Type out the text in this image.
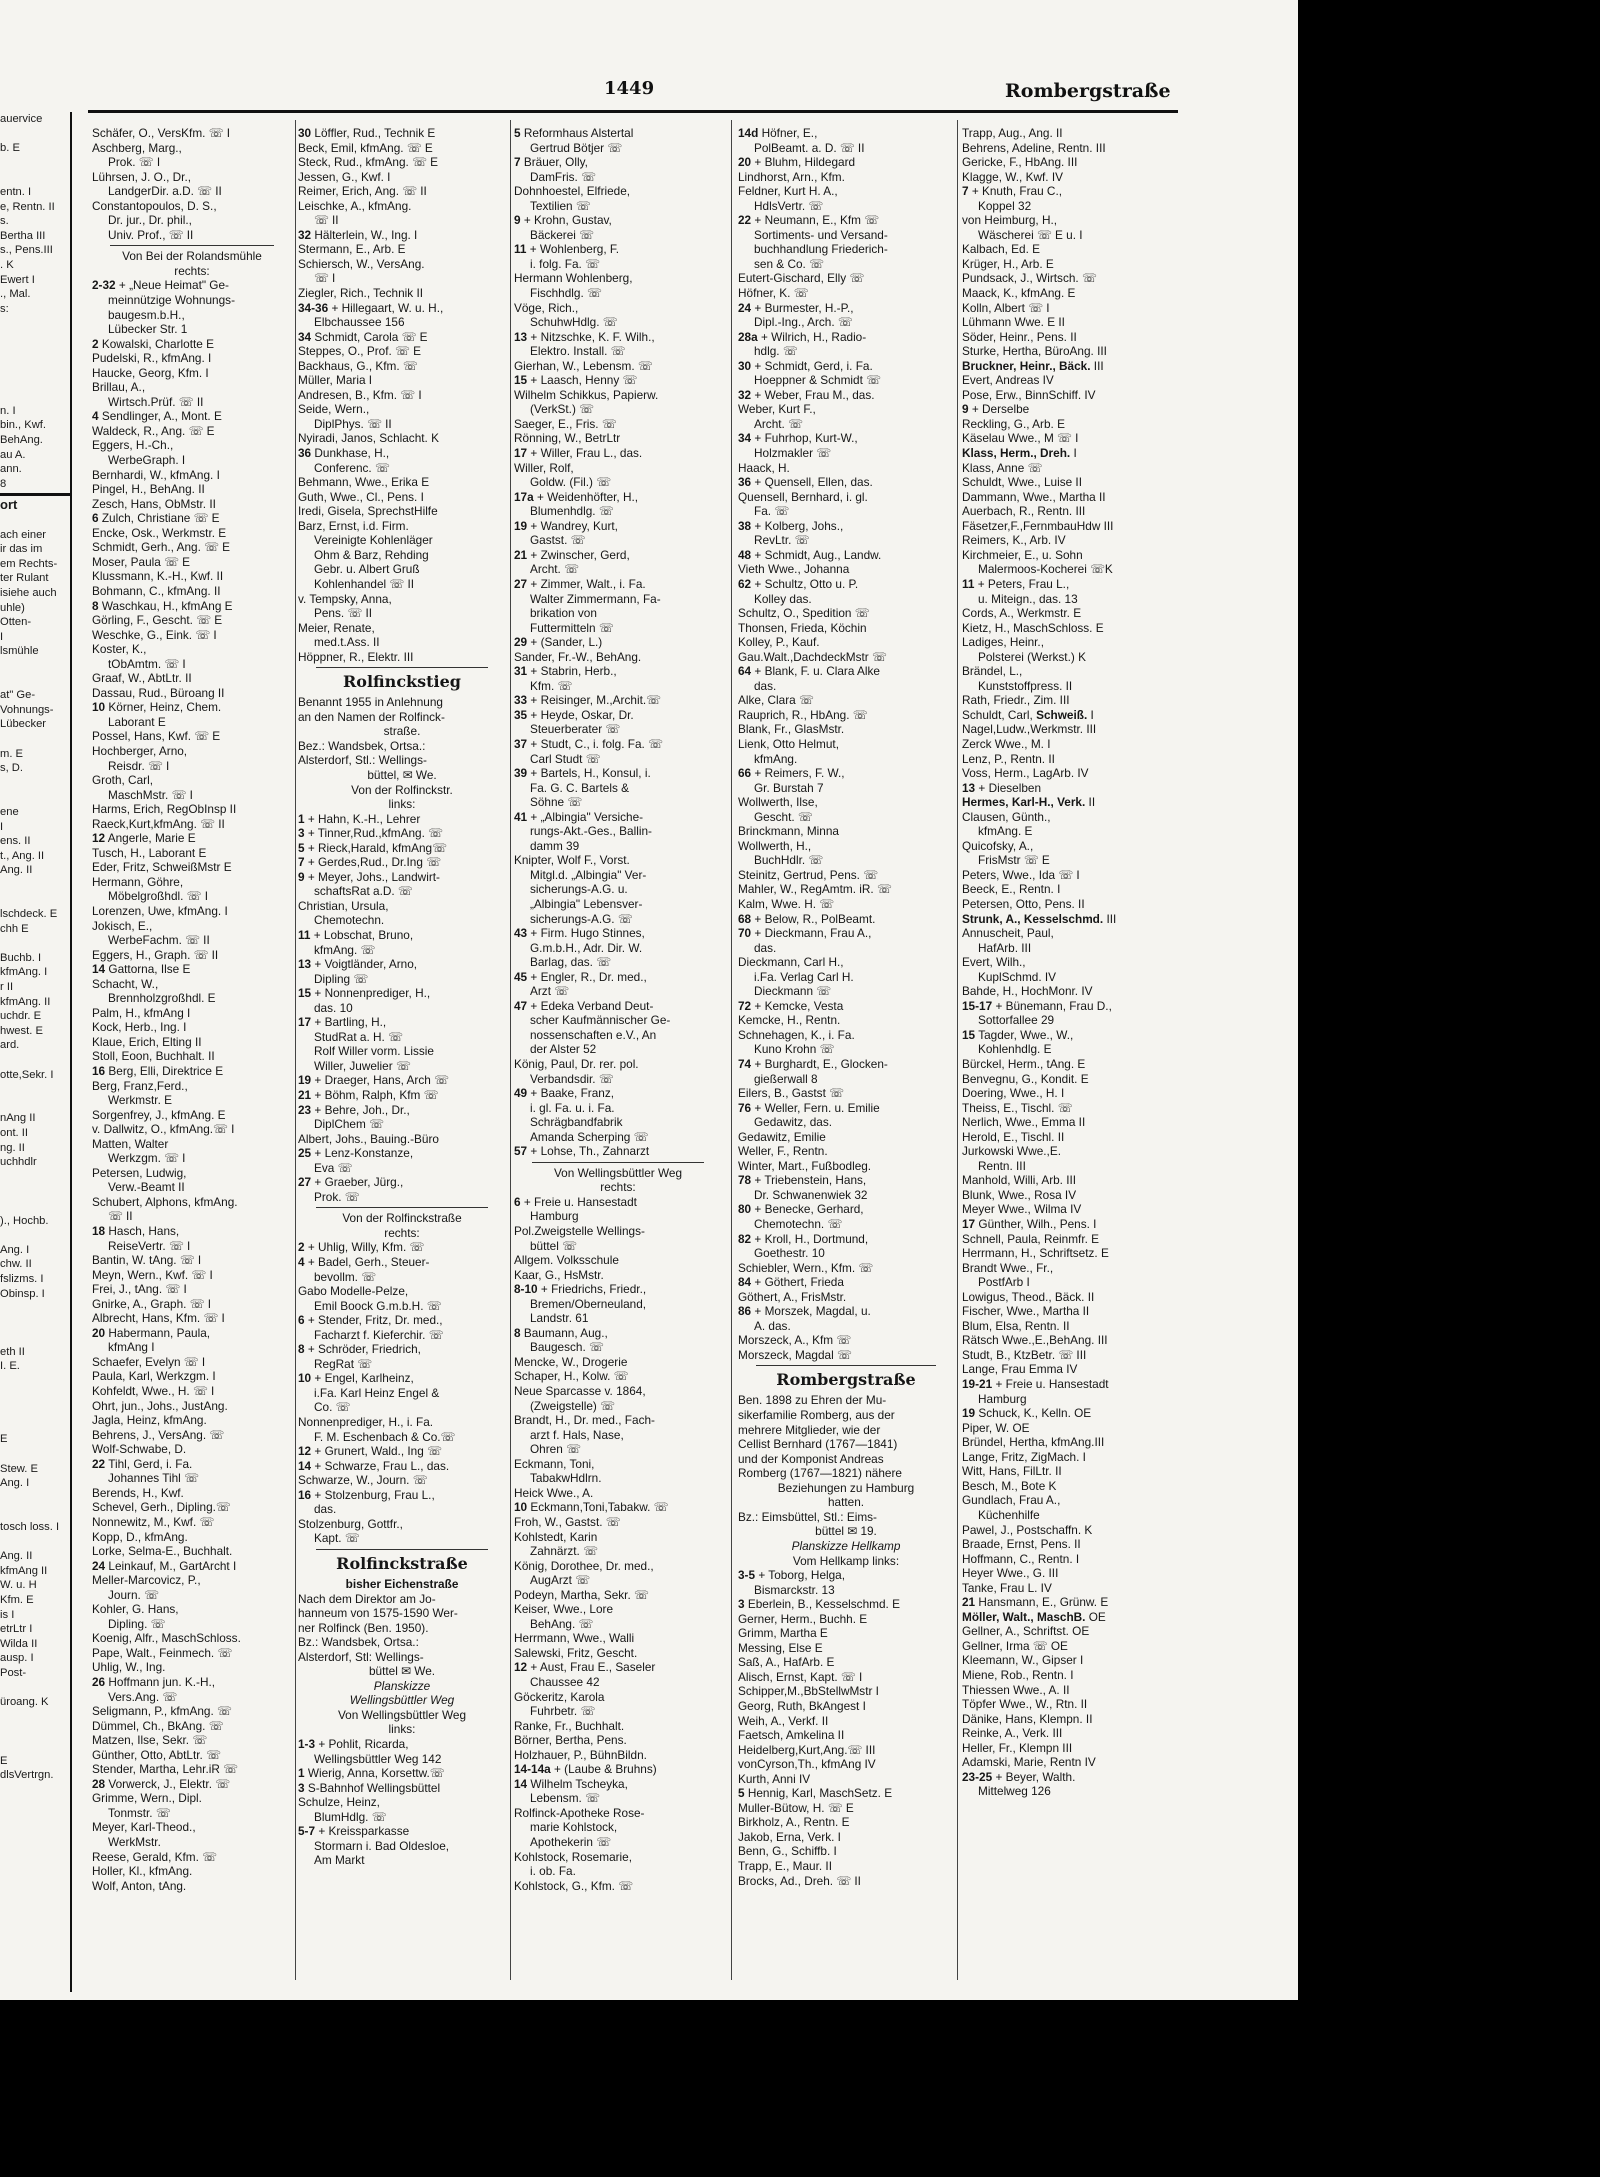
1449	Rombergstraße
auervice
b. E
entn. I
e, Rentn. II
s.
Bertha III
s., Pens.III
. K
Ewert I
., Mal.
s:
n. I
bin., Kwf.
BehAng.
au A.
ann.
8
ort
ach einer
ir das im
em Rechts-
ter Rulant
isiehe auch
uhle)
Otten-
I
lsmühle
at" Ge-
Vohnungs-
Lübecker
m. E
s, D.
ene
I
ens. II
t., Ang. II
Ang. II
lschdeck. E
chh E
Buchb. I
kfmAng. I
r II
kfmAng. II
uchdr. E
hwest. E
ard.
otte,Sekr. I
nAng II
ont. II
ng. II
uchhdlr
)., Hochb.
Ang. I
chw. II
fslizms. I
Obinsp. I
eth II
I. E.
E
Stew. E
Ang. I
tosch loss. I
Ang. II
kfmAng II
W. u. H
Kfm. E
is I
etrLtr I
Wilda II
ausp. I
Post-
üroang. K
E
dlsVertrgn.
Schäfer, O., VersKfm. ☏ I
Aschberg, Marg.,
Prok. ☏ I
Lührsen, J. O., Dr.,
LandgerDir. a.D. ☏ II
Constantopoulos, D. S.,
Dr. jur., Dr. phil.,
Univ. Prof., ☏ II
Von Bei der Rolandsmühle
rechts:
2-32 + „Neue Heimat" Ge-
meinnützige Wohnungs-
baugesm.b.H.,
Lübecker Str. 1
2 Kowalski, Charlotte E
Pudelski, R., kfmAng. I
Haucke, Georg, Kfm. I
Brillau, A.,
Wirtsch.Prüf. ☏ II
4 Sendlinger, A., Mont. E
Waldeck, R., Ang. ☏ E
Eggers, H.-Ch.,
WerbeGraph. I
Bernhardi, W., kfmAng. I
Pingel, H., BehAng. II
Zesch, Hans, ObMstr. II
6 Zulch, Christiane ☏ E
Encke, Osk., Werkmstr. E
Schmidt, Gerh., Ang. ☏ E
Moser, Paula ☏ E
Klussmann, K.-H., Kwf. II
Bohmann, C., kfmAng. II
8 Waschkau, H., kfmAng E
Görling, F., Gescht. ☏ E
Weschke, G., Eink. ☏ I
Koster, K.,
tObAmtm. ☏ I
Graaf, W., AbtLtr. II
Dassau, Rud., Büroang II
10 Körner, Heinz, Chem.
Laborant E
Possel, Hans, Kwf. ☏ E
Hochberger, Arno,
Reisdr. ☏ I
Groth, Carl,
MaschMstr. ☏ I
Harms, Erich, RegObInsp II
Raeck,Kurt,kfmAng. ☏ II
12 Angerle, Marie E
Tusch, H., Laborant E
Eder, Fritz, SchweißMstr E
Hermann, Göhre,
Möbelgroßhdl. ☏ I
Lorenzen, Uwe, kfmAng. I
Jokisch, E.,
WerbeFachm. ☏ II
Eggers, H., Graph. ☏ II
14 Gattorna, Ilse E
Schacht, W.,
Brennholzgroßhdl. E
Palm, H., kfmAng I
Kock, Herb., Ing. I
Klaue, Erich, Elting II
Stoll, Eoon, Buchhalt. II
16 Berg, Elli, Direktrice E
Berg, Franz,Ferd.,
Werkmstr. E
Sorgenfrey, J., kfmAng. E
v. Dallwitz, O., kfmAng.☏ I
Matten, Walter
Werkzgm. ☏ I
Petersen, Ludwig,
Verw.-Beamt II
Schubert, Alphons, kfmAng.
☏ II
18 Hasch, Hans,
ReiseVertr. ☏ I
Bantin, W. tAng. ☏ I
Meyn, Wern., Kwf. ☏ I
Frei, J., tAng. ☏ I
Gnirke, A., Graph. ☏ I
Albrecht, Hans, Kfm. ☏ I
20 Habermann, Paula,
kfmAng I
Schaefer, Evelyn ☏ I
Paula, Karl, Werkzgm. I
Kohfeldt, Wwe., H. ☏ I
Ohrt, jun., Johs., JustAng.
Jagla, Heinz, kfmAng.
Behrens, J., VersAng. ☏
Wolf-Schwabe, D.
22 Tihl, Gerd, i. Fa.
Johannes Tihl ☏
Berends, H., Kwf.
Schevel, Gerh., Dipling.☏
Nonnewitz, M., Kwf. ☏
Kopp, D., kfmAng.
Lorke, Selma-E., Buchhalt.
24 Leinkauf, M., GartArcht I
Meller-Marcovicz, P.,
Journ. ☏
Kohler, G. Hans,
Dipling. ☏
Koenig, Alfr., MaschSchloss.
Pape, Walt., Feinmech. ☏
Uhlig, W., Ing.
26 Hoffmann jun. K.-H.,
Vers.Ang. ☏
Seligmann, P., kfmAng. ☏
Dümmel, Ch., BkAng. ☏
Matzen, Ilse, Sekr. ☏
Günther, Otto, AbtLtr. ☏
Stender, Martha, Lehr.iR ☏
28 Vorwerck, J., Elektr. ☏
Grimme, Wern., Dipl.
Tonmstr. ☏
Meyer, Karl-Theod.,
WerkMstr.
Reese, Gerald, Kfm. ☏
Holler, Kl., kfmAng.
Wolf, Anton, tAng.
30 Löffler, Rud., Technik E
Beck, Emil, kfmAng. ☏ E
Steck, Rud., kfmAng. ☏ E
Jessen, G., Kwf. I
Reimer, Erich, Ang. ☏ II
Leischke, A., kfmAng.
☏ II
32 Hälterlein, W., Ing. I
Stermann, E., Arb. E
Schiersch, W., VersAng.
☏ I
Ziegler, Rich., Technik II
34-36 + Hillegaart, W. u. H.,
Elbchaussee 156
34 Schmidt, Carola ☏ E
Steppes, O., Prof. ☏ E
Backhaus, G., Kfm. ☏
Müller, Maria I
Andresen, B., Kfm. ☏ I
Seide, Wern.,
DiplPhys. ☏ II
Nyiradi, Janos, Schlacht. K
36 Dunkhase, H.,
Conferenc. ☏
Behmann, Wwe., Erika E
Guth, Wwe., Cl., Pens. I
Iredi, Gisela, SprechstHilfe
Barz, Ernst, i.d. Firm.
Vereinigte Kohlenläger
Ohm & Barz, Rehding
Gebr. u. Albert Gruß
Kohlenhandel ☏ II
v. Tempsky, Anna,
Pens. ☏ II
Meier, Renate,
med.t.Ass. II
Höppner, R., Elektr. III
Rolfinckstieg
Benannt 1955 in Anlehnung
an den Namen der Rolfinck-
straße.
Bez.: Wandsbek, Ortsa.:
Alsterdorf, Stl.: Wellings-
büttel, ✉ We.
Von der Rolfinckstr.
links:
1 + Hahn, K.-H., Lehrer
3 + Tinner,Rud.,kfmAng. ☏
5 + Rieck,Harald, kfmAng☏
7 + Gerdes,Rud., Dr.Ing ☏
9 + Meyer, Johs., Landwirt-
schaftsRat a.D. ☏
Christian, Ursula,
Chemotechn.
11 + Lobschat, Bruno,
kfmAng. ☏
13 + Voigtländer, Arno,
Dipling ☏
15 + Nonnenprediger, H.,
das. 10
17 + Bartling, H.,
StudRat a. H. ☏
Rolf Willer vorm. Lissie
Willer, Juwelier ☏
19 + Draeger, Hans, Arch ☏
21 + Böhm, Ralph, Kfm ☏
23 + Behre, Joh., Dr.,
DiplChem ☏
Albert, Johs., Bauing.-Büro
25 + Lenz-Konstanze,
Eva ☏
27 + Graeber, Jürg.,
Prok. ☏
Von der Rolfinckstraße
rechts:
2 + Uhlig, Willy, Kfm. ☏
4 + Badel, Gerh., Steuer-
bevollm. ☏
Gabo Modelle-Pelze,
Emil Boock G.m.b.H. ☏
6 + Stender, Fritz, Dr. med.,
Facharzt f. Kieferchir. ☏
8 + Schröder, Friedrich,
RegRat ☏
10 + Engel, Karlheinz,
i.Fa. Karl Heinz Engel &
Co. ☏
Nonnenprediger, H., i. Fa.
F. M. Eschenbach & Co.☏
12 + Grunert, Wald., Ing ☏
14 + Schwarze, Frau L., das.
Schwarze, W., Journ. ☏
16 + Stolzenburg, Frau L.,
das.
Stolzenburg, Gottfr.,
Kapt. ☏
Rolfinckstraße
bisher Eichenstraße
Nach dem Direktor am Jo-
hanneum von 1575-1590 Wer-
ner Rolfinck (Ben. 1950).
Bz.: Wandsbek, Ortsa.:
Alsterdorf, Stl: Wellings-
büttel ✉ We.
Planskizze
Wellingsbüttler Weg
Von Wellingsbüttler Weg
links:
1-3 + Pohlit, Ricarda,
Wellingsbüttler Weg 142
1 Wierig, Anna, Korsettw.☏
3 S-Bahnhof Wellingsbüttel
Schulze, Heinz,
BlumHdlg. ☏
5-7 + Kreissparkasse
Stormarn i. Bad Oldesloe,
Am Markt
5 Reformhaus Alstertal
Gertrud Bötjer ☏
7 Bräuer, Olly,
DamFris. ☏
Dohnhoestel, Elfriede,
Textilien ☏
9 + Krohn, Gustav,
Bäckerei ☏
11 + Wohlenberg, F.
i. folg. Fa. ☏
Hermann Wohlenberg,
Fischhdlg. ☏
Vöge, Rich.,
SchuhwHdlg. ☏
13 + Nitzschke, K. F. Wilh.,
Elektro. Install. ☏
Gierhan, W., Lebensm. ☏
15 + Laasch, Henny ☏
Wilhelm Schikkus, Papierw.
(VerkSt.) ☏
Saeger, E., Fris. ☏
Rönning, W., BetrLtr
17 + Willer, Frau L., das.
Willer, Rolf,
Goldw. (Fil.) ☏
17a + Weidenhöfter, H.,
Blumenhdlg. ☏
19 + Wandrey, Kurt,
Gastst. ☏
21 + Zwinscher, Gerd,
Archt. ☏
27 + Zimmer, Walt., i. Fa.
Walter Zimmermann, Fa-
brikation von
Futtermitteln ☏
29 + (Sander, L.)
Sander, Fr.-W., BehAng.
31 + Stabrin, Herb.,
Kfm. ☏
33 + Reisinger, M.,Archit.☏
35 + Heyde, Oskar, Dr.
Steuerberater ☏
37 + Studt, C., i. folg. Fa. ☏
Carl Studt ☏
39 + Bartels, H., Konsul, i.
Fa. G. C. Bartels &
Söhne ☏
41 + „Albingia" Versiche-
rungs-Akt.-Ges., Ballin-
damm 39
Knipter, Wolf F., Vorst.
Mitgl.d. „Albingia" Ver-
sicherungs-A.G. u.
„Albingia" Lebensver-
sicherungs-A.G. ☏
43 + Firm. Hugo Stinnes,
G.m.b.H., Adr. Dir. W.
Barlag, das. ☏
45 + Engler, R., Dr. med.,
Arzt ☏
47 + Edeka Verband Deut-
scher Kaufmännischer Ge-
nossenschaften e.V., An
der Alster 52
König, Paul, Dr. rer. pol.
Verbandsdir. ☏
49 + Baake, Franz,
i. gl. Fa. u. i. Fa.
Schrägbandfabrik
Amanda Scherping ☏
57 + Lohse, Th., Zahnarzt
Von Wellingsbüttler Weg
rechts:
6 + Freie u. Hansestadt
Hamburg
Pol.Zweigstelle Wellings-
büttel ☏
Allgem. Volksschule
Kaar, G., HsMstr.
8-10 + Friedrichs, Friedr.,
Bremen/Oberneuland,
Landstr. 61
8 Baumann, Aug.,
Baugesch. ☏
Mencke, W., Drogerie
Schaper, H., Kolw. ☏
Neue Sparcasse v. 1864,
(Zweigstelle) ☏
Brandt, H., Dr. med., Fach-
arzt f. Hals, Nase,
Ohren ☏
Eckmann, Toni,
TabakwHdlrn.
Heick Wwe., A.
10 Eckmann,Toni,Tabakw. ☏
Froh, W., Gastst. ☏
Kohlstedt, Karin
Zahnärzt. ☏
König, Dorothee, Dr. med.,
AugArzt ☏
Podeyn, Martha, Sekr. ☏
Keiser, Wwe., Lore
BehAng. ☏
Herrmann, Wwe., Walli
Salewski, Fritz, Gescht.
12 + Aust, Frau E., Saseler
Chaussee 42
Göckeritz, Karola
Fuhrbetr. ☏
Ranke, Fr., Buchhalt.
Börner, Bertha, Pens.
Holzhauer, P., BühnBildn.
14-14a + (Laube & Bruhns)
14 Wilhelm Tscheyka,
Lebensm. ☏
Rolfinck-Apotheke Rose-
marie Kohlstock,
Apothekerin ☏
Kohlstock, Rosemarie,
i. ob. Fa.
Kohlstock, G., Kfm. ☏
14d Höfner, E.,
PolBeamt. a. D. ☏ II
20 + Bluhm, Hildegard
Lindhorst, Arn., Kfm.
Feldner, Kurt H. A.,
HdlsVertr. ☏
22 + Neumann, E., Kfm ☏
Sortiments- und Versand-
buchhandlung Friederich-
sen & Co. ☏
Eutert-Gischard, Elly ☏
Höfner, K. ☏
24 + Burmester, H.-P.,
Dipl.-Ing., Arch. ☏
28a + Wilrich, H., Radio-
hdlg. ☏
30 + Schmidt, Gerd, i. Fa.
Hoeppner & Schmidt ☏
32 + Weber, Frau M., das.
Weber, Kurt F.,
Archt. ☏
34 + Fuhrhop, Kurt-W.,
Holzmakler ☏
Haack, H.
36 + Quensell, Ellen, das.
Quensell, Bernhard, i. gl.
Fa. ☏
38 + Kolberg, Johs.,
RevLtr. ☏
48 + Schmidt, Aug., Landw.
Vieth Wwe., Johanna
62 + Schultz, Otto u. P.
Kolley das.
Schultz, O., Spedition ☏
Thonsen, Frieda, Köchin
Kolley, P., Kauf.
Gau.Walt.,DachdeckMstr ☏
64 + Blank, F. u. Clara Alke
das.
Alke, Clara ☏
Rauprich, R., HbAng. ☏
Blank, Fr., GlasMstr.
Lienk, Otto Helmut,
kfmAng.
66 + Reimers, F. W.,
Gr. Burstah 7
Wollwerth, Ilse,
Gescht. ☏
Brinckmann, Minna
Wollwerth, H.,
BuchHdlr. ☏
Steinitz, Gertrud, Pens. ☏
Mahler, W., RegAmtm. iR. ☏
Kalm, Wwe. H. ☏
68 + Below, R., PolBeamt.
70 + Dieckmann, Frau A.,
das.
Dieckmann, Carl H.,
i.Fa. Verlag Carl H.
Dieckmann ☏
72 + Kemcke, Vesta
Kemcke, H., Rentn.
Schnehagen, K., i. Fa.
Kuno Krohn ☏
74 + Burghardt, E., Glocken-
gießerwall 8
Eilers, B., Gastst ☏
76 + Weller, Fern. u. Emilie
Gedawitz, das.
Gedawitz, Emilie
Weller, F., Rentn.
Winter, Mart., Fußbodleg.
78 + Triebenstein, Hans,
Dr. Schwanenwiek 32
80 + Benecke, Gerhard,
Chemotechn. ☏
82 + Kroll, H., Dortmund,
Goethestr. 10
Schiebler, Wern., Kfm. ☏
84 + Göthert, Frieda
Göthert, A., FrisMstr.
86 + Morszek, Magdal, u.
A. das.
Morszeck, A., Kfm ☏
Morszeck, Magdal ☏
Rombergstraße
Ben. 1898 zu Ehren der Mu-
sikerfamilie Romberg, aus der
mehrere Mitglieder, wie der
Cellist Bernhard (1767—1841)
und der Komponist Andreas
Romberg (1767—1821) nähere
Beziehungen zu Hamburg
hatten.
Bz.: Eimsbüttel, Stl.: Eims-
büttel ✉ 19.
Planskizze Hellkamp
Vom Hellkamp links:
3-5 + Toborg, Helga,
Bismarckstr. 13
3 Eberlein, B., Kesselschmd. E
Gerner, Herm., Buchh. E
Grimm, Martha E
Messing, Else E
Saß, A., HafArb. E
Alisch, Ernst, Kapt. ☏ I
Schipper,M.,BbStellwMstr I
Georg, Ruth, BkAngest I
Weih, A., Verkf. II
Faetsch, Amkelina II
Heidelberg,Kurt,Ang.☏ III
vonCyrson,Th., kfmAng IV
Kurth, Anni IV
5 Hennig, Karl, MaschSetz. E
Muller-Bütow, H. ☏ E
Birkholz, A., Rentn. E
Jakob, Erna, Verk. I
Benn, G., Schiffb. I
Trapp, E., Maur. II
Brocks, Ad., Dreh. ☏ II
Trapp, Aug., Ang. II
Behrens, Adeline, Rentn. III
Gericke, F., HbAng. III
Klagge, W., Kwf. IV
7 + Knuth, Frau C.,
Koppel 32
von Heimburg, H.,
Wäscherei ☏ E u. I
Kalbach, Ed. E
Krüger, H., Arb. E
Pundsack, J., Wirtsch. ☏
Maack, K., kfmAng. E
Kolln, Albert ☏ I
Lühmann Wwe. E II
Söder, Heinr., Pens. II
Sturke, Hertha, BüroAng. III
Bruckner, Heinr., Bäck. III
Evert, Andreas IV
Pose, Erw., BinnSchiff. IV
9 + Derselbe
Reckling, G., Arb. E
Käselau Wwe., M ☏ I
Klass, Herm., Dreh. I
Klass, Anne ☏
Schuldt, Wwe., Luise II
Dammann, Wwe., Martha II
Auerbach, R., Rentn. III
Fäsetzer,F.,FernmbauHdw III
Reimers, K., Arb. IV
Kirchmeier, E., u. Sohn
Malermoos-Kocherei ☏K
11 + Peters, Frau L.,
u. Miteign., das. 13
Cords, A., Werkmstr. E
Kietz, H., MaschSchloss. E
Ladiges, Heinr.,
Polsterei (Werkst.) K
Brändel, L.,
Kunststoffpress. II
Rath, Friedr., Zim. III
Schuldt, Carl, Schweiß. I
Nagel,Ludw.,Werkmstr. III
Zerck Wwe., M. I
Lenz, P., Rentn. II
Voss, Herm., LagArb. IV
13 + Dieselben
Hermes, Karl-H., Verk. II
Clausen, Günth.,
kfmAng. E
Quicofsky, A.,
FrisMstr ☏ E
Peters, Wwe., Ida ☏ I
Beeck, E., Rentn. I
Petersen, Otto, Pens. II
Strunk, A., Kesselschmd. III
Annuscheit, Paul,
HafArb. III
Evert, Wilh.,
KuplSchmd. IV
Bahde, H., HochMonr. IV
15-17 + Bünemann, Frau D.,
Sottorfallee 29
15 Tagder, Wwe., W.,
Kohlenhdlg. E
Bürckel, Herm., tAng. E
Benvegnu, G., Kondit. E
Doering, Wwe., H. I
Theiss, E., Tischl. ☏
Nerlich, Wwe., Emma II
Herold, E., Tischl. II
Jurkowski Wwe.,E.
Rentn. III
Manhold, Willi, Arb. III
Blunk, Wwe., Rosa IV
Meyer Wwe., Wilma IV
17 Günther, Wilh., Pens. I
Schnell, Paula, Reinmfr. E
Herrmann, H., Schriftsetz. E
Brandt Wwe., Fr.,
PostfArb I
Lowigus, Theod., Bäck. II
Fischer, Wwe., Martha II
Blum, Elsa, Rentn. II
Rätsch Wwe.,E.,BehAng. III
Studt, B., KtzBetr. ☏ III
Lange, Frau Emma IV
19-21 + Freie u. Hansestadt
Hamburg
19 Schuck, K., Kelln. OE
Piper, W. OE
Bründel, Hertha, kfmAng.III
Lange, Fritz, ZigMach. I
Witt, Hans, FilLtr. II
Besch, M., Bote K
Gundlach, Frau A.,
Küchenhilfe
Pawel, J., Postschaffn. K
Braade, Ernst, Pens. II
Hoffmann, C., Rentn. I
Heyer Wwe., G. III
Tanke, Frau L. IV
21 Hansmann, E., Grünw. E
Möller, Walt., MaschB. OE
Gellner, A., Schriftst. OE
Gellner, Irma ☏ OE
Kleemann, W., Gipser I
Miene, Rob., Rentn. I
Thiessen Wwe., A. II
Töpfer Wwe., W., Rtn. II
Dänike, Hans, Klempn. II
Reinke, A., Verk. III
Heller, Fr., Klempn III
Adamski, Marie, Rentn IV
23-25 + Beyer, Walth.
Mittelweg 126
